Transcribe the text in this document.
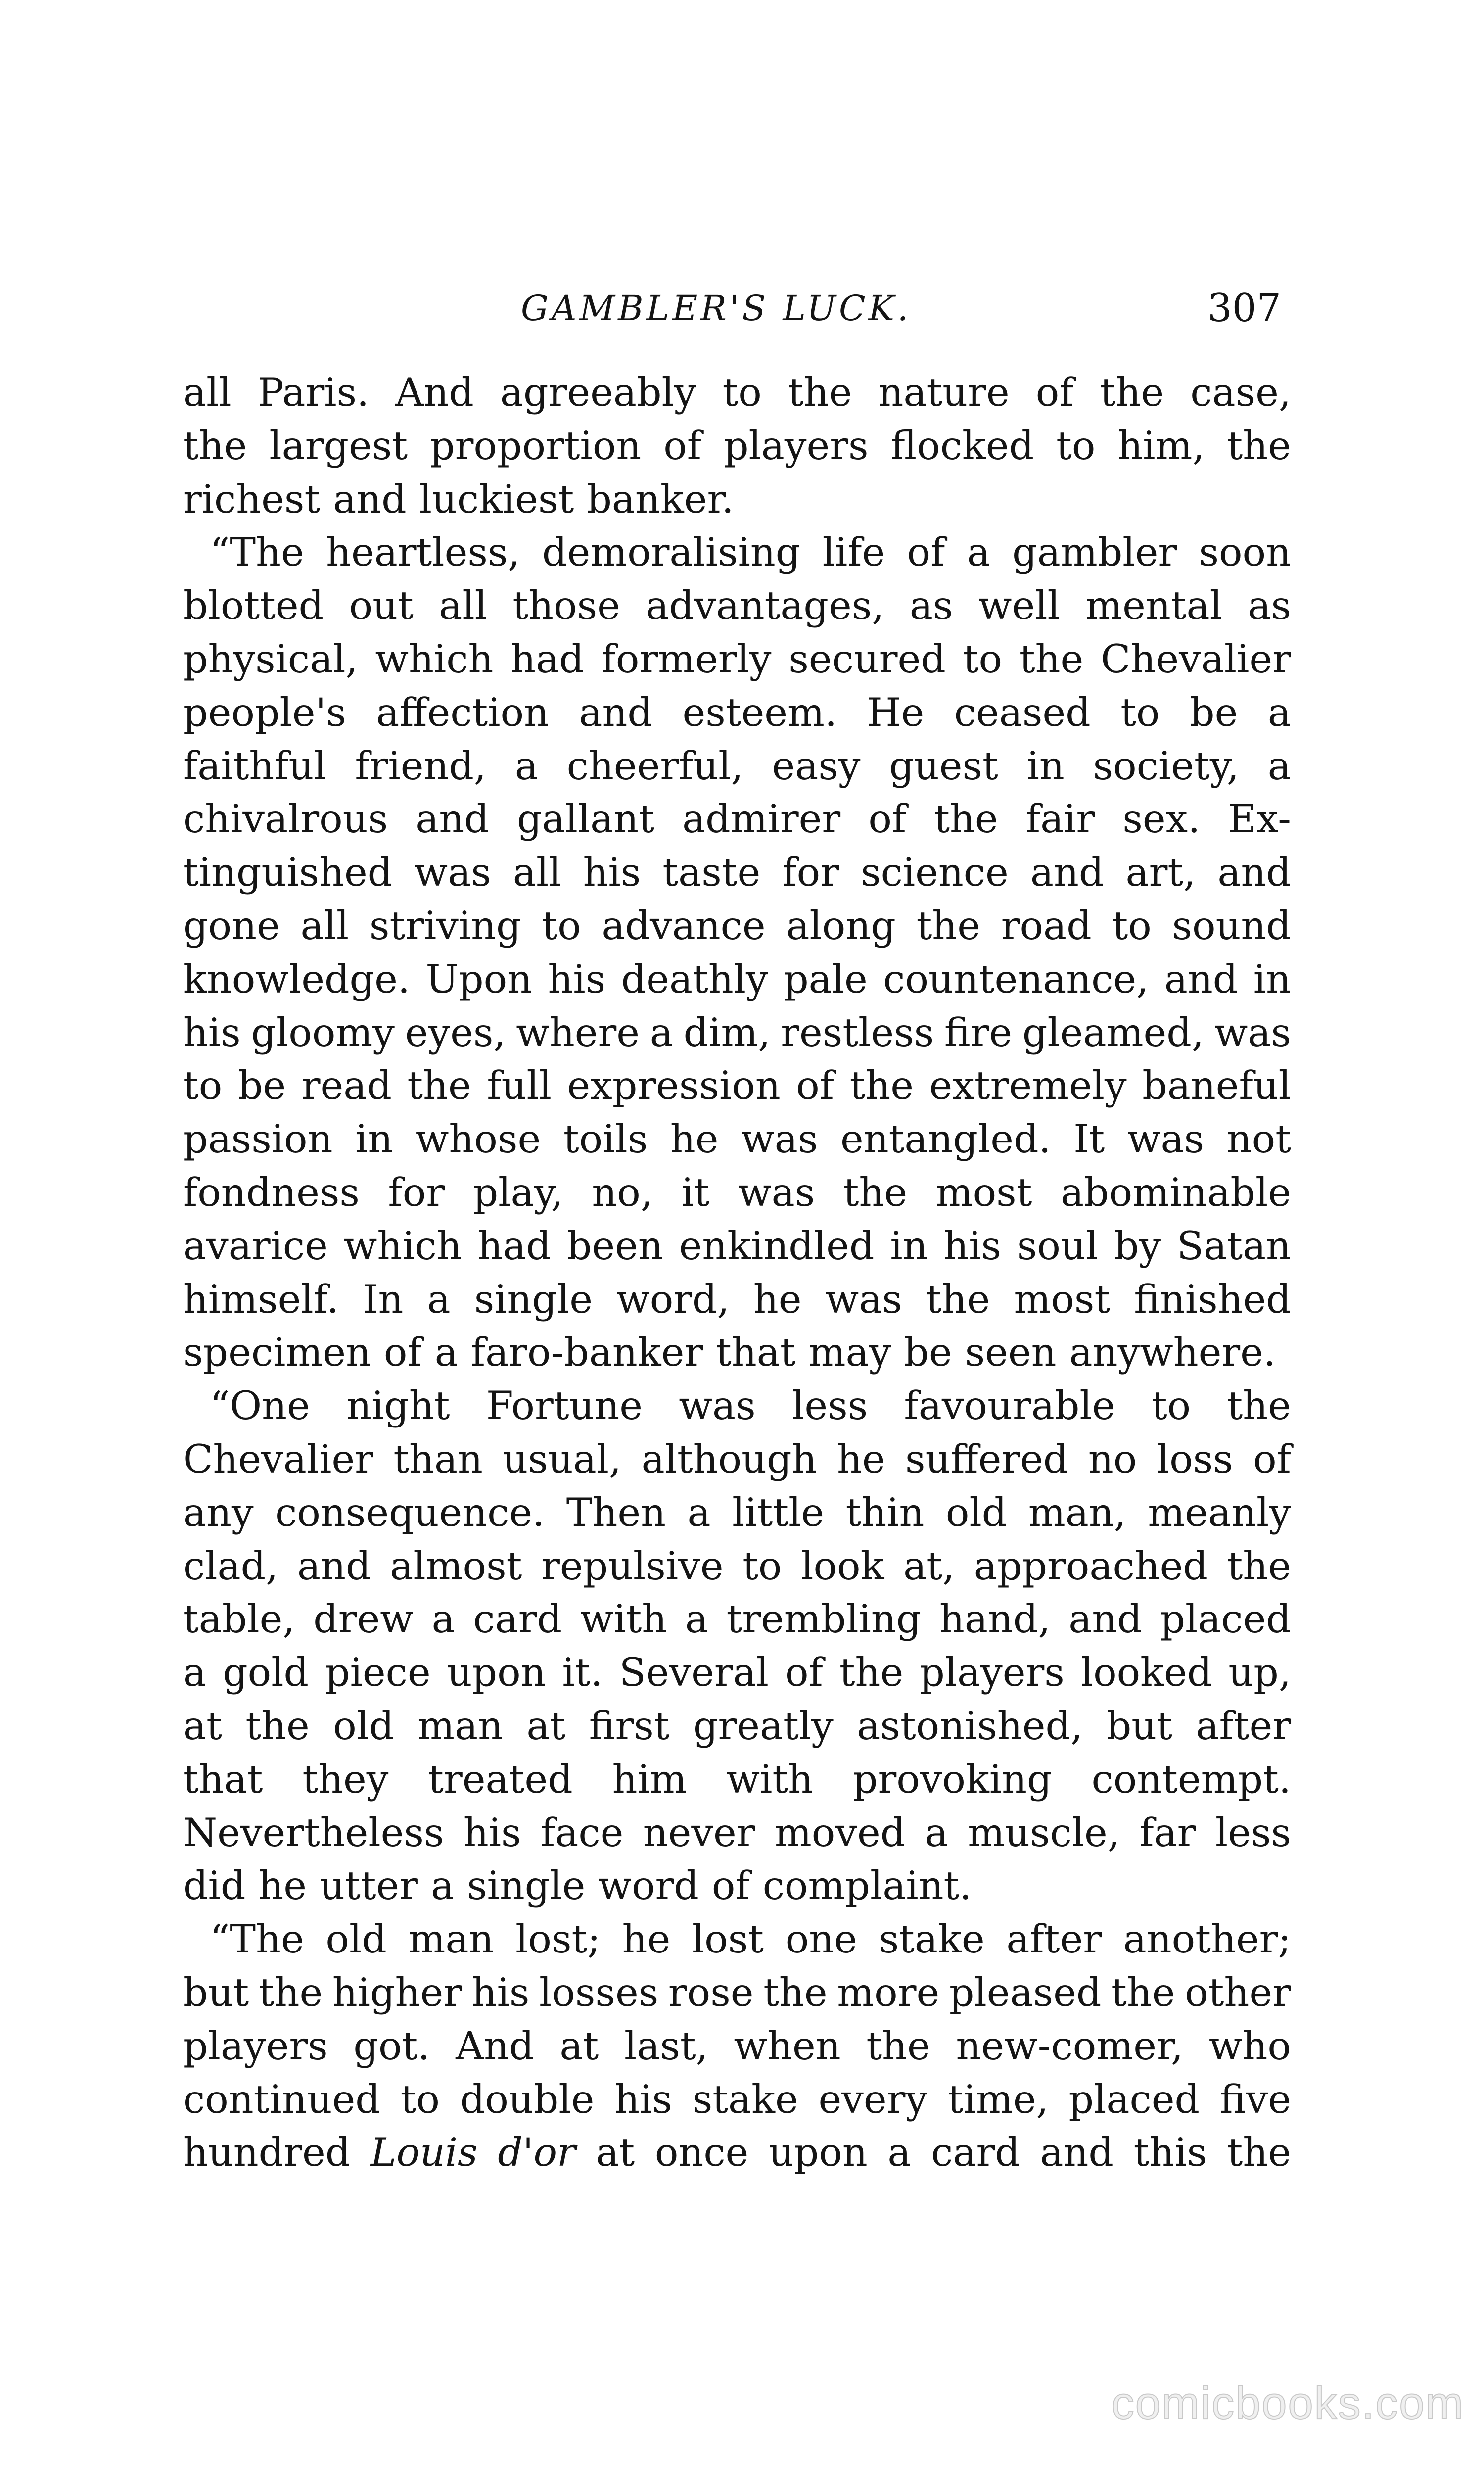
GAMBLER'S LUCK.	307
all Paris. And agreeably to the nature of the case,
the largest proportion of players flocked to him, the
richest and luckiest banker.
“The heartless, demoralising life of a gambler soon
blotted out all those advantages, as well mental as
physical, which had formerly secured to the Chevalier
people's affection and esteem. He ceased to be a
faithful friend, a cheerful, easy guest in society, a
chivalrous and gallant admirer of the fair sex. Ex-
tinguished was all his taste for science and art, and
gone all striving to advance along the road to sound
knowledge. Upon his deathly pale countenance, and in
his gloomy eyes, where a dim, restless fire gleamed, was
to be read the full expression of the extremely baneful
passion in whose toils he was entangled. It was not
fondness for play, no, it was the most abominable
avarice which had been enkindled in his soul by Satan
himself. In a single word, he was the most finished
specimen of a faro-banker that may be seen anywhere.
“One night Fortune was less favourable to the
Chevalier than usual, although he suffered no loss of
any consequence. Then a little thin old man, meanly
clad, and almost repulsive to look at, approached the
table, drew a card with a trembling hand, and placed
a gold piece upon it. Several of the players looked up,
at the old man at first greatly astonished, but after
that they treated him with provoking contempt.
Nevertheless his face never moved a muscle, far less
did he utter a single word of complaint.
“The old man lost; he lost one stake after another;
but the higher his losses rose the more pleased the other
players got. And at last, when the new-comer, who
continued to double his stake every time, placed five
hundred Louis d'or at once upon a card and this the
comicbooks.com
